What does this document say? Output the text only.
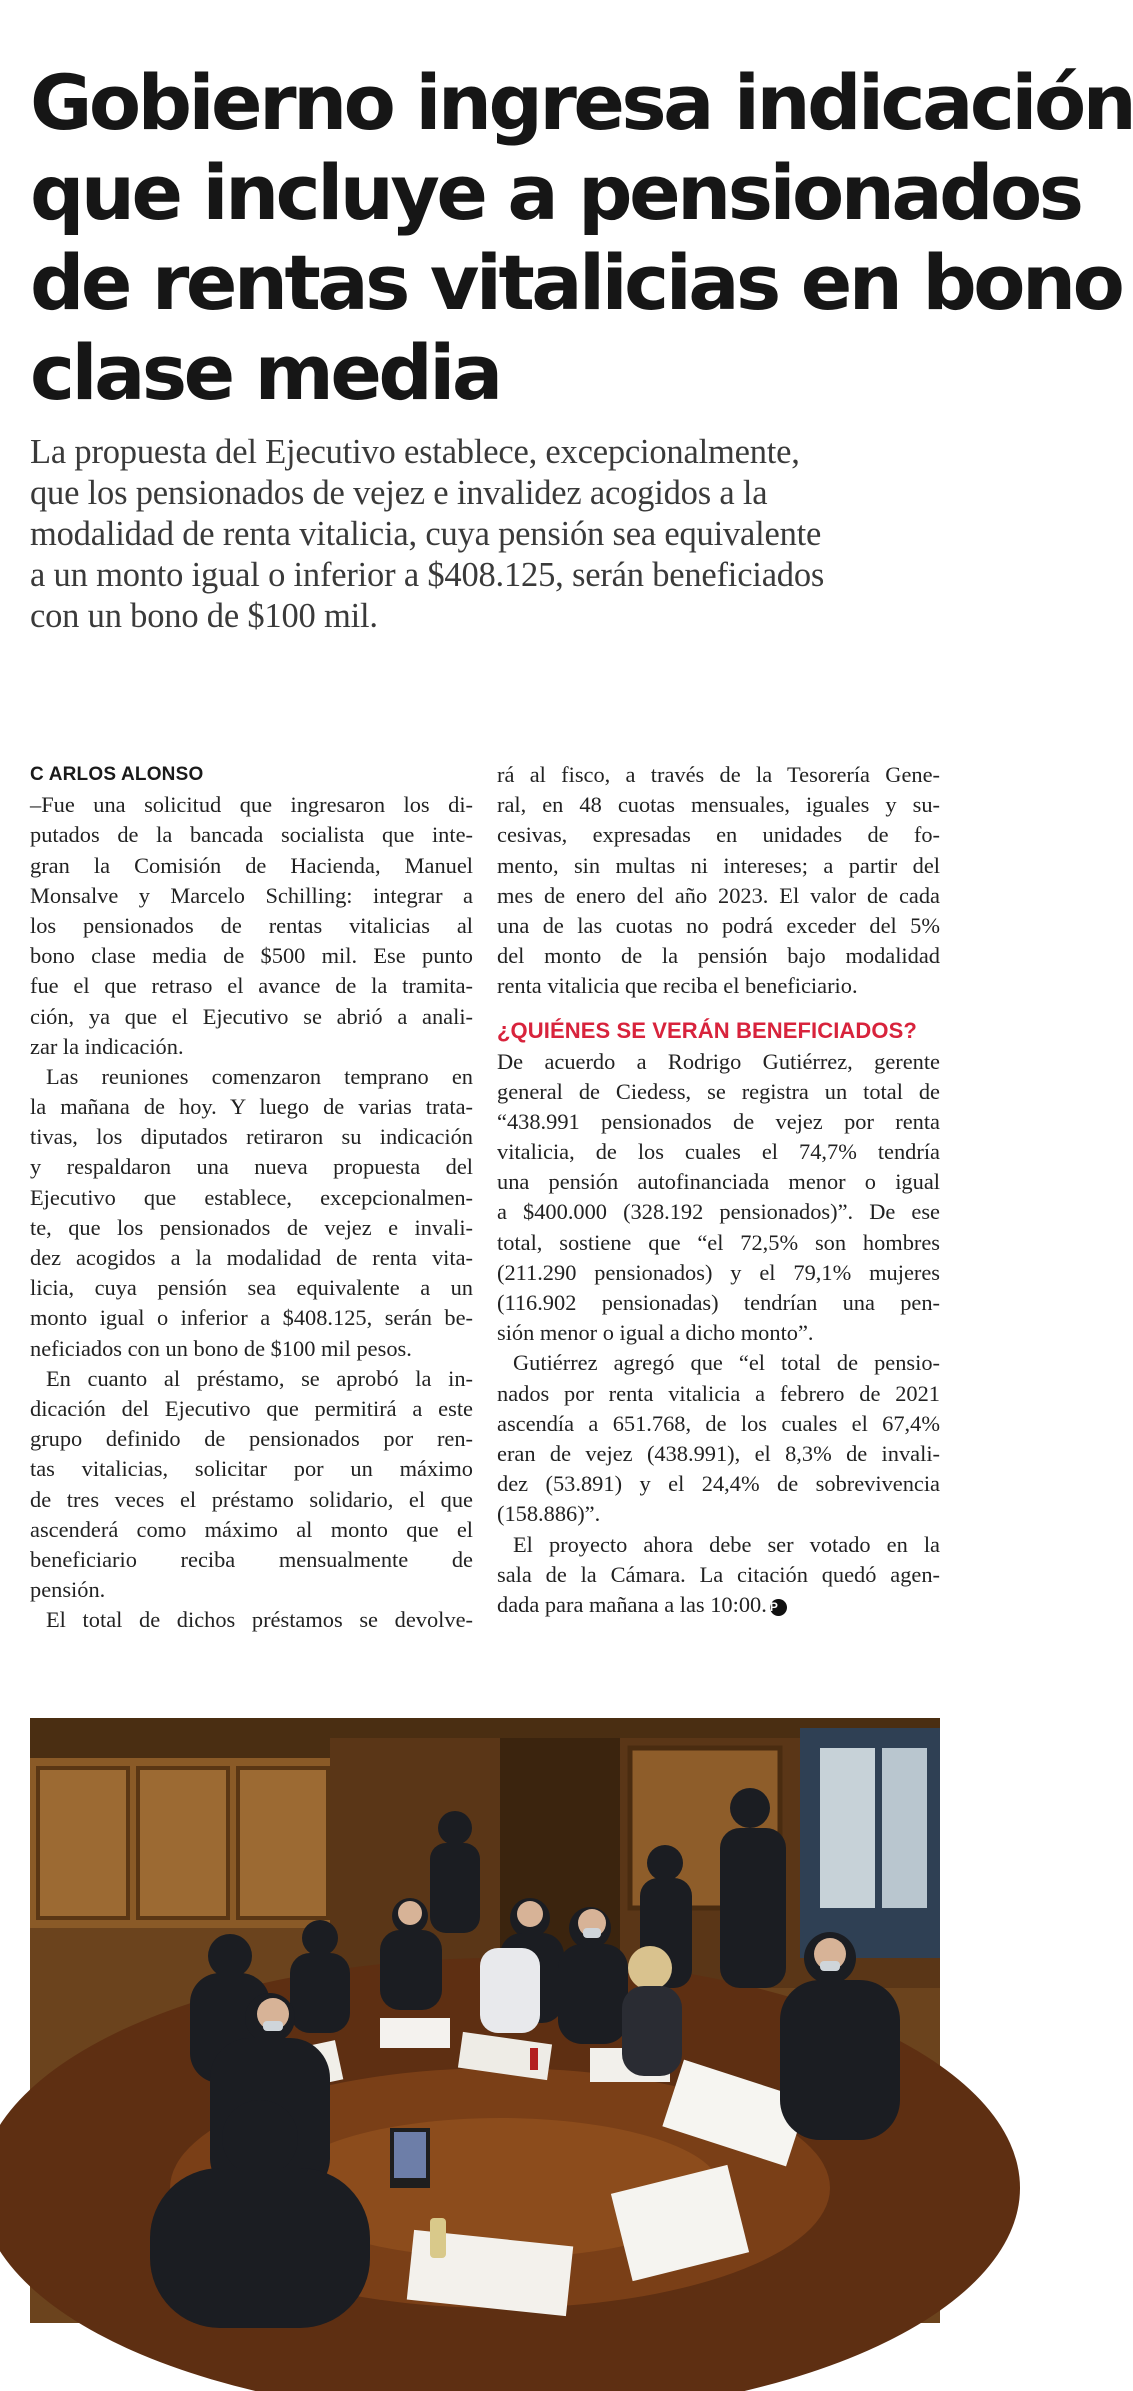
Gobierno ingresa indicación
que incluye a pensionados
de rentas vitalicias en bono
clase media

La propuesta del Ejecutivo establece, excepcionalmente,
que los pensionados de vejez e invalidez acogidos a la
modalidad de renta vitalicia, cuya pensión sea equivalente
a un monto igual o inferior a $408.125, serán beneficiados
con un bono de $100 mil.

C ARLOS ALONSO
–Fue una solicitud que ingresaron los di-
putados de la bancada socialista que inte-
gran la Comisión de Hacienda, Manuel
Monsalve y Marcelo Schilling: integrar a
los pensionados de rentas vitalicias al
bono clase media de $500 mil. Ese punto
fue el que retraso el avance de la tramita-
ción, ya que el Ejecutivo se abrió a anali-
zar la indicación.
Las reuniones comenzaron temprano en
la mañana de hoy. Y luego de varias trata-
tivas, los diputados retiraron su indicación
y respaldaron una nueva propuesta del
Ejecutivo que establece, excepcionalmen-
te, que los pensionados de vejez e invali-
dez acogidos a la modalidad de renta vita-
licia, cuya pensión sea equivalente a un
monto igual o inferior a $408.125, serán be-
neficiados con un bono de $100 mil pesos.
En cuanto al préstamo, se aprobó la in-
dicación del Ejecutivo que permitirá a este
grupo definido de pensionados por ren-
tas vitalicias, solicitar por un máximo
de tres veces el préstamo solidario, el que
ascenderá como máximo al monto que el
beneficiario reciba mensualmente de
pensión.
El total de dichos préstamos se devolve-
rá al fisco, a través de la Tesorería Gene-
ral, en 48 cuotas mensuales, iguales y su-
cesivas, expresadas en unidades de fo-
mento, sin multas ni intereses; a partir del
mes de enero del año 2023. El valor de cada
una de las cuotas no podrá exceder del 5%
del monto de la pensión bajo modalidad
renta vitalicia que reciba el beneficiario.
¿QUIÉNES SE VERÁN BENEFICIADOS?
De acuerdo a Rodrigo Gutiérrez, gerente
general de Ciedess, se registra un total de
“438.991 pensionados de vejez por renta
vitalicia, de los cuales el 74,7% tendría
una pensión autofinanciada menor o igual
a $400.000 (328.192 pensionados)”. De ese
total, sostiene que “el 72,5% son hombres
(211.290 pensionados) y el 79,1% mujeres
(116.902 pensionadas) tendrían una pen-
sión menor o igual a dicho monto”.
Gutiérrez agregó que “el total de pensio-
nados por renta vitalicia a febrero de 2021
ascendía a 651.768, de los cuales el 67,4%
eran de vejez (438.991), el 8,3% de invali-
dez (53.891) y el 24,4% de sobrevivencia
(158.886)”.
El proyecto ahora debe ser votado en la
sala de la Cámara. La citación quedó agen-
dada para mañana a las 10:00. P
